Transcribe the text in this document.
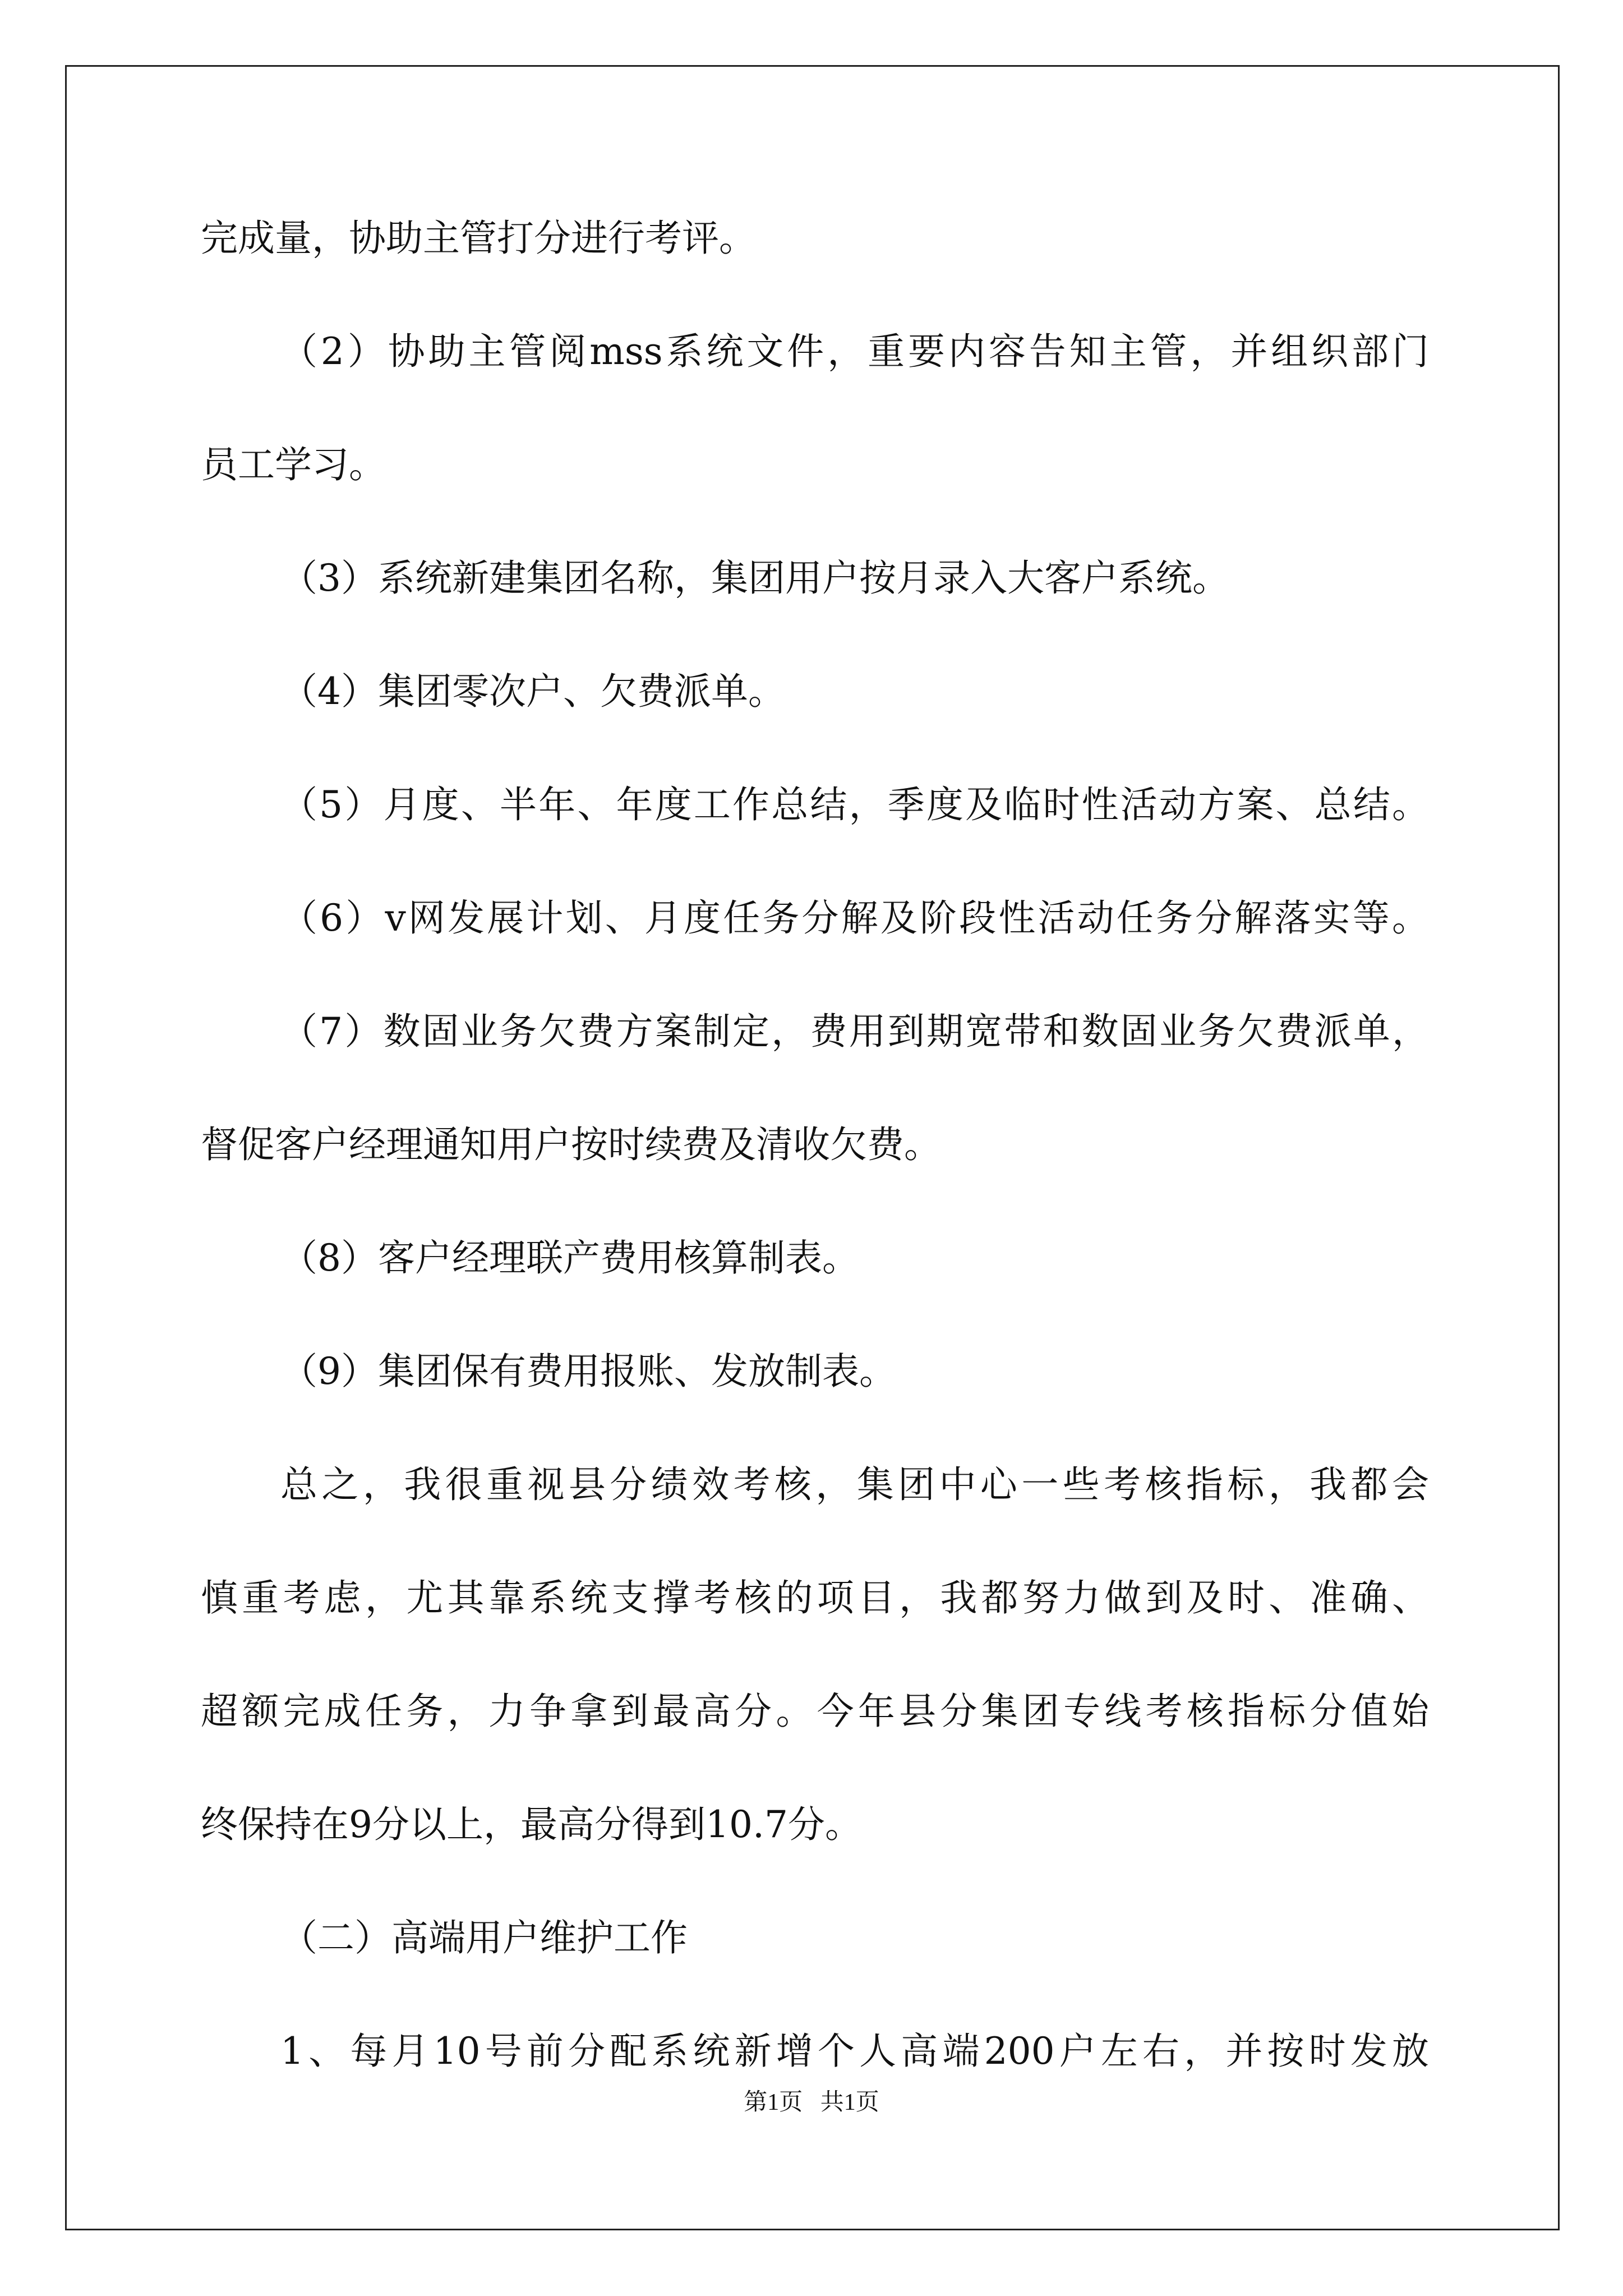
完成量，协助主管打分进行考评。
（2）协助主管阅mss系统文件，重要内容告知主管，并组织部门
员工学习。
（3）系统新建集团名称，集团用户按月录入大客户系统。
（4）集团零次户、欠费派单。
（5）月度、半年、年度工作总结，季度及临时性活动方案、总结。
（6）v网发展计划、月度任务分解及阶段性活动任务分解落实等。
（7）数固业务欠费方案制定，费用到期宽带和数固业务欠费派单，
督促客户经理通知用户按时续费及清收欠费。
（8）客户经理联产费用核算制表。
（9）集团保有费用报账、发放制表。
总之，我很重视县分绩效考核，集团中心一些考核指标，我都会
慎重考虑，尤其靠系统支撑考核的项目，我都努力做到及时、准确、
超额完成任务，力争拿到最高分。今年县分集团专线考核指标分值始
终保持在9分以上，最高分得到10.7分。
（二）高端用户维护工作
1、每月10号前分配系统新增个人高端200户左右，并按时发放
第1页   共1页
